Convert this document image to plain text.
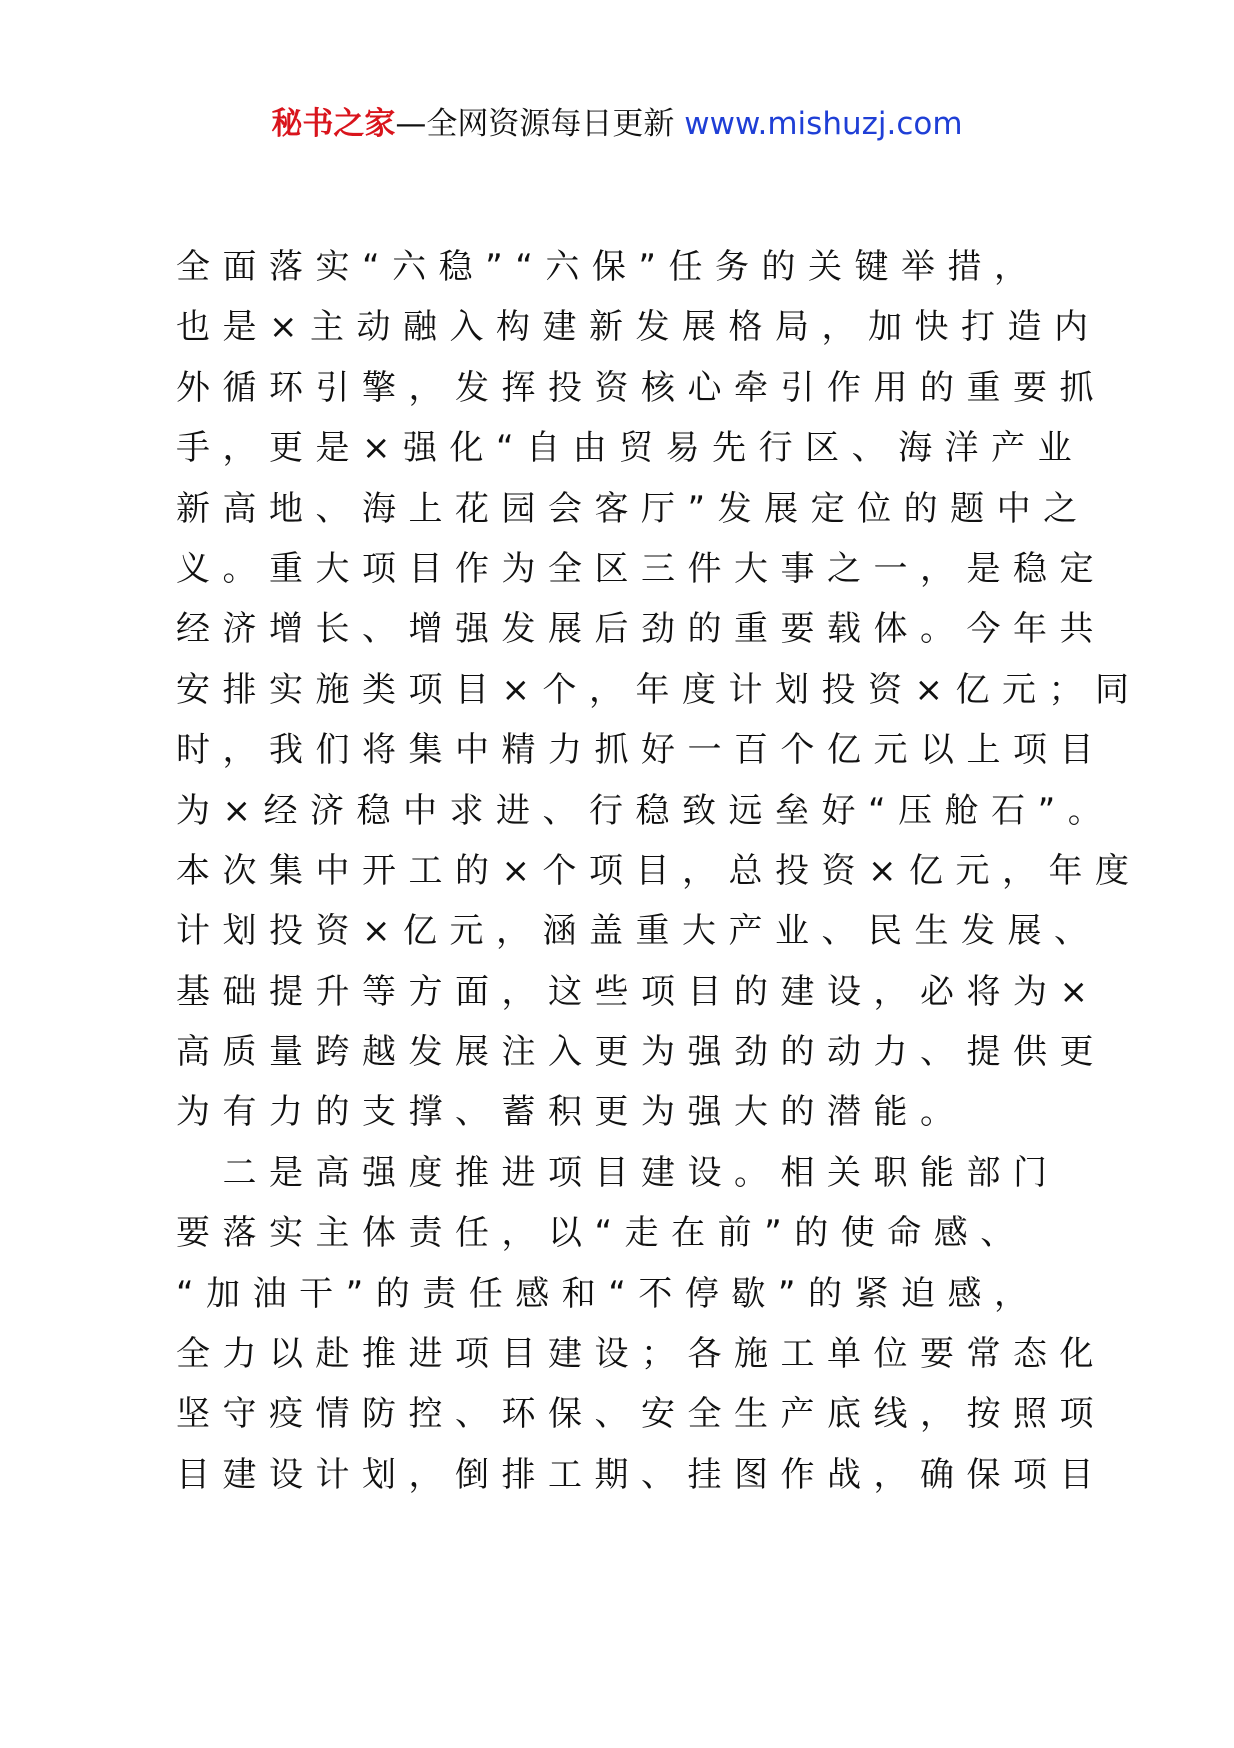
秘书之家—全网资源每日更新 www.mishuzj.com
全面落实“六稳”“六保”任务的关键举措，
也是×主动融入构建新发展格局，加快打造内
外循环引擎，发挥投资核心牵引作用的重要抓
手，更是×强化“自由贸易先行区、海洋产业
新高地、海上花园会客厅”发展定位的题中之
义。重大项目作为全区三件大事之一，是稳定
经济增长、增强发展后劲的重要载体。今年共
安排实施类项目×个，年度计划投资×亿元；同
时，我们将集中精力抓好一百个亿元以上项目
为×经济稳中求进、行稳致远垒好“压舱石”。
本次集中开工的×个项目，总投资×亿元，年度
计划投资×亿元，涵盖重大产业、民生发展、
基础提升等方面，这些项目的建设，必将为×
高质量跨越发展注入更为强劲的动力、提供更
为有力的支撑、蓄积更为强大的潜能。
　二是高强度推进项目建设。相关职能部门
要落实主体责任，以“走在前”的使命感、
“加油干”的责任感和“不停歇”的紧迫感，
全力以赴推进项目建设；各施工单位要常态化
坚守疫情防控、环保、安全生产底线，按照项
目建设计划，倒排工期、挂图作战，确保项目
